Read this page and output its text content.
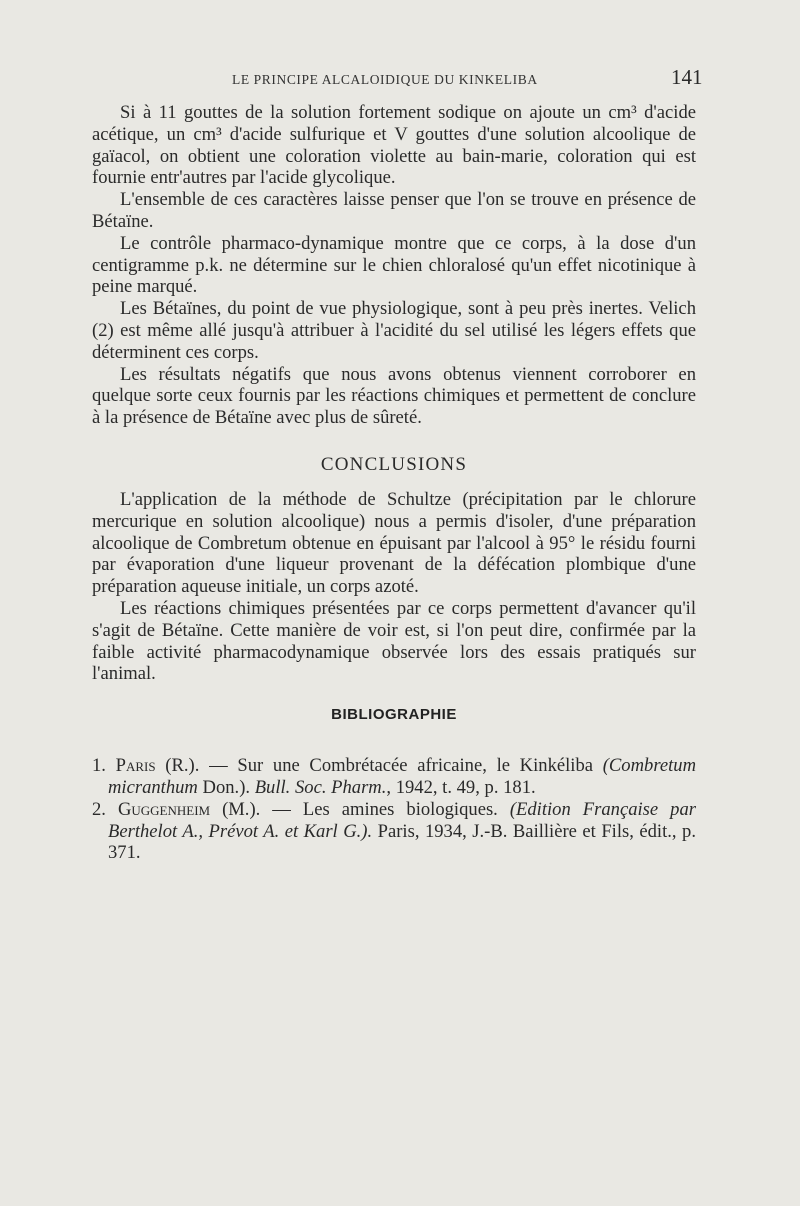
LE PRINCIPE ALCALOIDIQUE DU KINKELIBA	141

Si à 11 gouttes de la solution fortement sodique on ajoute un cm³ d'acide acétique, un cm³ d'acide sulfurique et V gouttes d'une solution alcoolique de gaïacol, on obtient une coloration violette au bain-marie, coloration qui est fournie entr'autres par l'acide glycolique.

L'ensemble de ces caractères laisse penser que l'on se trouve en présence de Bétaïne.

Le contrôle pharmaco-dynamique montre que ce corps, à la dose d'un centigramme p.k. ne détermine sur le chien chloralosé qu'un effet nicotinique à peine marqué.

Les Bétaïnes, du point de vue physiologique, sont à peu près inertes. Velich (2) est même allé jusqu'à attribuer à l'acidité du sel utilisé les légers effets que déterminent ces corps.

Les résultats négatifs que nous avons obtenus viennent corroborer en quelque sorte ceux fournis par les réactions chimiques et permettent de conclure à la présence de Bétaïne avec plus de sûreté.

CONCLUSIONS

L'application de la méthode de Schultze (précipitation par le chlorure mercurique en solution alcoolique) nous a permis d'isoler, d'une préparation alcoolique de Combretum obtenue en épuisant par l'alcool à 95° le résidu fourni par évaporation d'une liqueur provenant de la défécation plombique d'une préparation aqueuse initiale, un corps azoté.

Les réactions chimiques présentées par ce corps permettent d'avancer qu'il s'agit de Bétaïne. Cette manière de voir est, si l'on peut dire, confirmée par la faible activité pharmacodynamique observée lors des essais pratiqués sur l'animal.

BIBLIOGRAPHIE
1. Paris (R.). — Sur une Combrétacée africaine, le Kinkéliba (Combretum micranthum Don.). Bull. Soc. Pharm., 1942, t. 49, p. 181.
2. Guggenheim (M.). — Les amines biologiques. (Edition Française par Berthelot A., Prévot A. et Karl G.). Paris, 1934, J.-B. Baillière et Fils, édit., p. 371.
